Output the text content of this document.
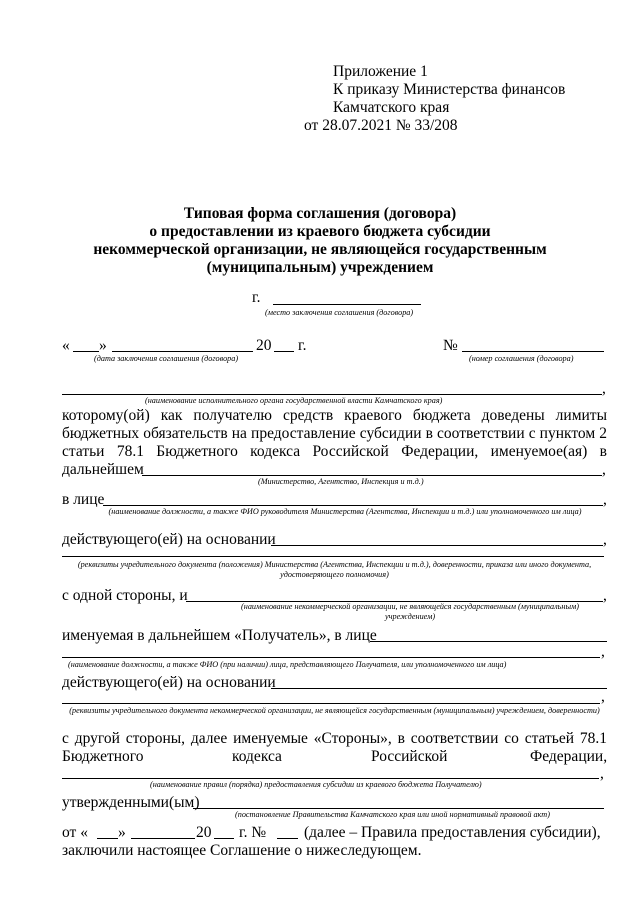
Приложение 1
К приказу Министерства финансов
Камчатского края
от 28.07.2021 № 33/208
Типовая форма соглашения (договора)
о предоставлении из краевого бюджета субсидии
некоммерческой организации, не являющейся государственным
(муниципальным) учреждением
г.
(место заключения соглашения (договора)
« »	20 г.	№
(дата заключения соглашения (договора)	(номер соглашения (договора)
,
(наименование исполнительного органа государственной власти Камчатского края)
которому(ой) как получателю средств краевого бюджета доведены лимиты
бюджетных обязательств на предоставление субсидии в соответствии с пунктом 2
статьи 78.1 Бюджетного кодекса Российской Федерации, именуемое(ая) в
дальнейшем	,
(Министерство, Агентство, Инспекция и т.д.)
в лице	,
(наименование должности, а также ФИО руководителя Министерства (Агентства, Инспекции и т.д.) или уполномоченного им лица)
действующего(ей) на основании	,
(реквизиты учредительного документа (положения) Министерства (Агентства, Инспекции и т.д.), доверенности, приказа или иного документа, удостоверяющего полномочия)
с одной стороны, и	,
(наименование некоммерческой организации, не являющейся государственным (муниципальным) учреждением)
именуемая в дальнейшем «Получатель», в лице
,
(наименование должности, а также ФИО (при наличии) лица, представляющего Получателя, или уполномоченного им лица)
действующего(ей) на основании
,
(реквизиты учредительного документа некоммерческой организации, не являющейся государственным (муниципальным) учреждением, доверенности)
с другой стороны, далее именуемые «Стороны», в соответствии со статьей 78.1
Бюджетного	кодекса	Российской	Федерации,
,
(наименование правил (порядка) предоставления субсидии из краевого бюджета Получателю)
утвержденными(ым)
(постановление Правительства Камчатского края или иной нормативный правовой акт)
от « »	20 г. № (далее – Правила предоставления субсидии),
заключили настоящее Соглашение о нижеследующем.
